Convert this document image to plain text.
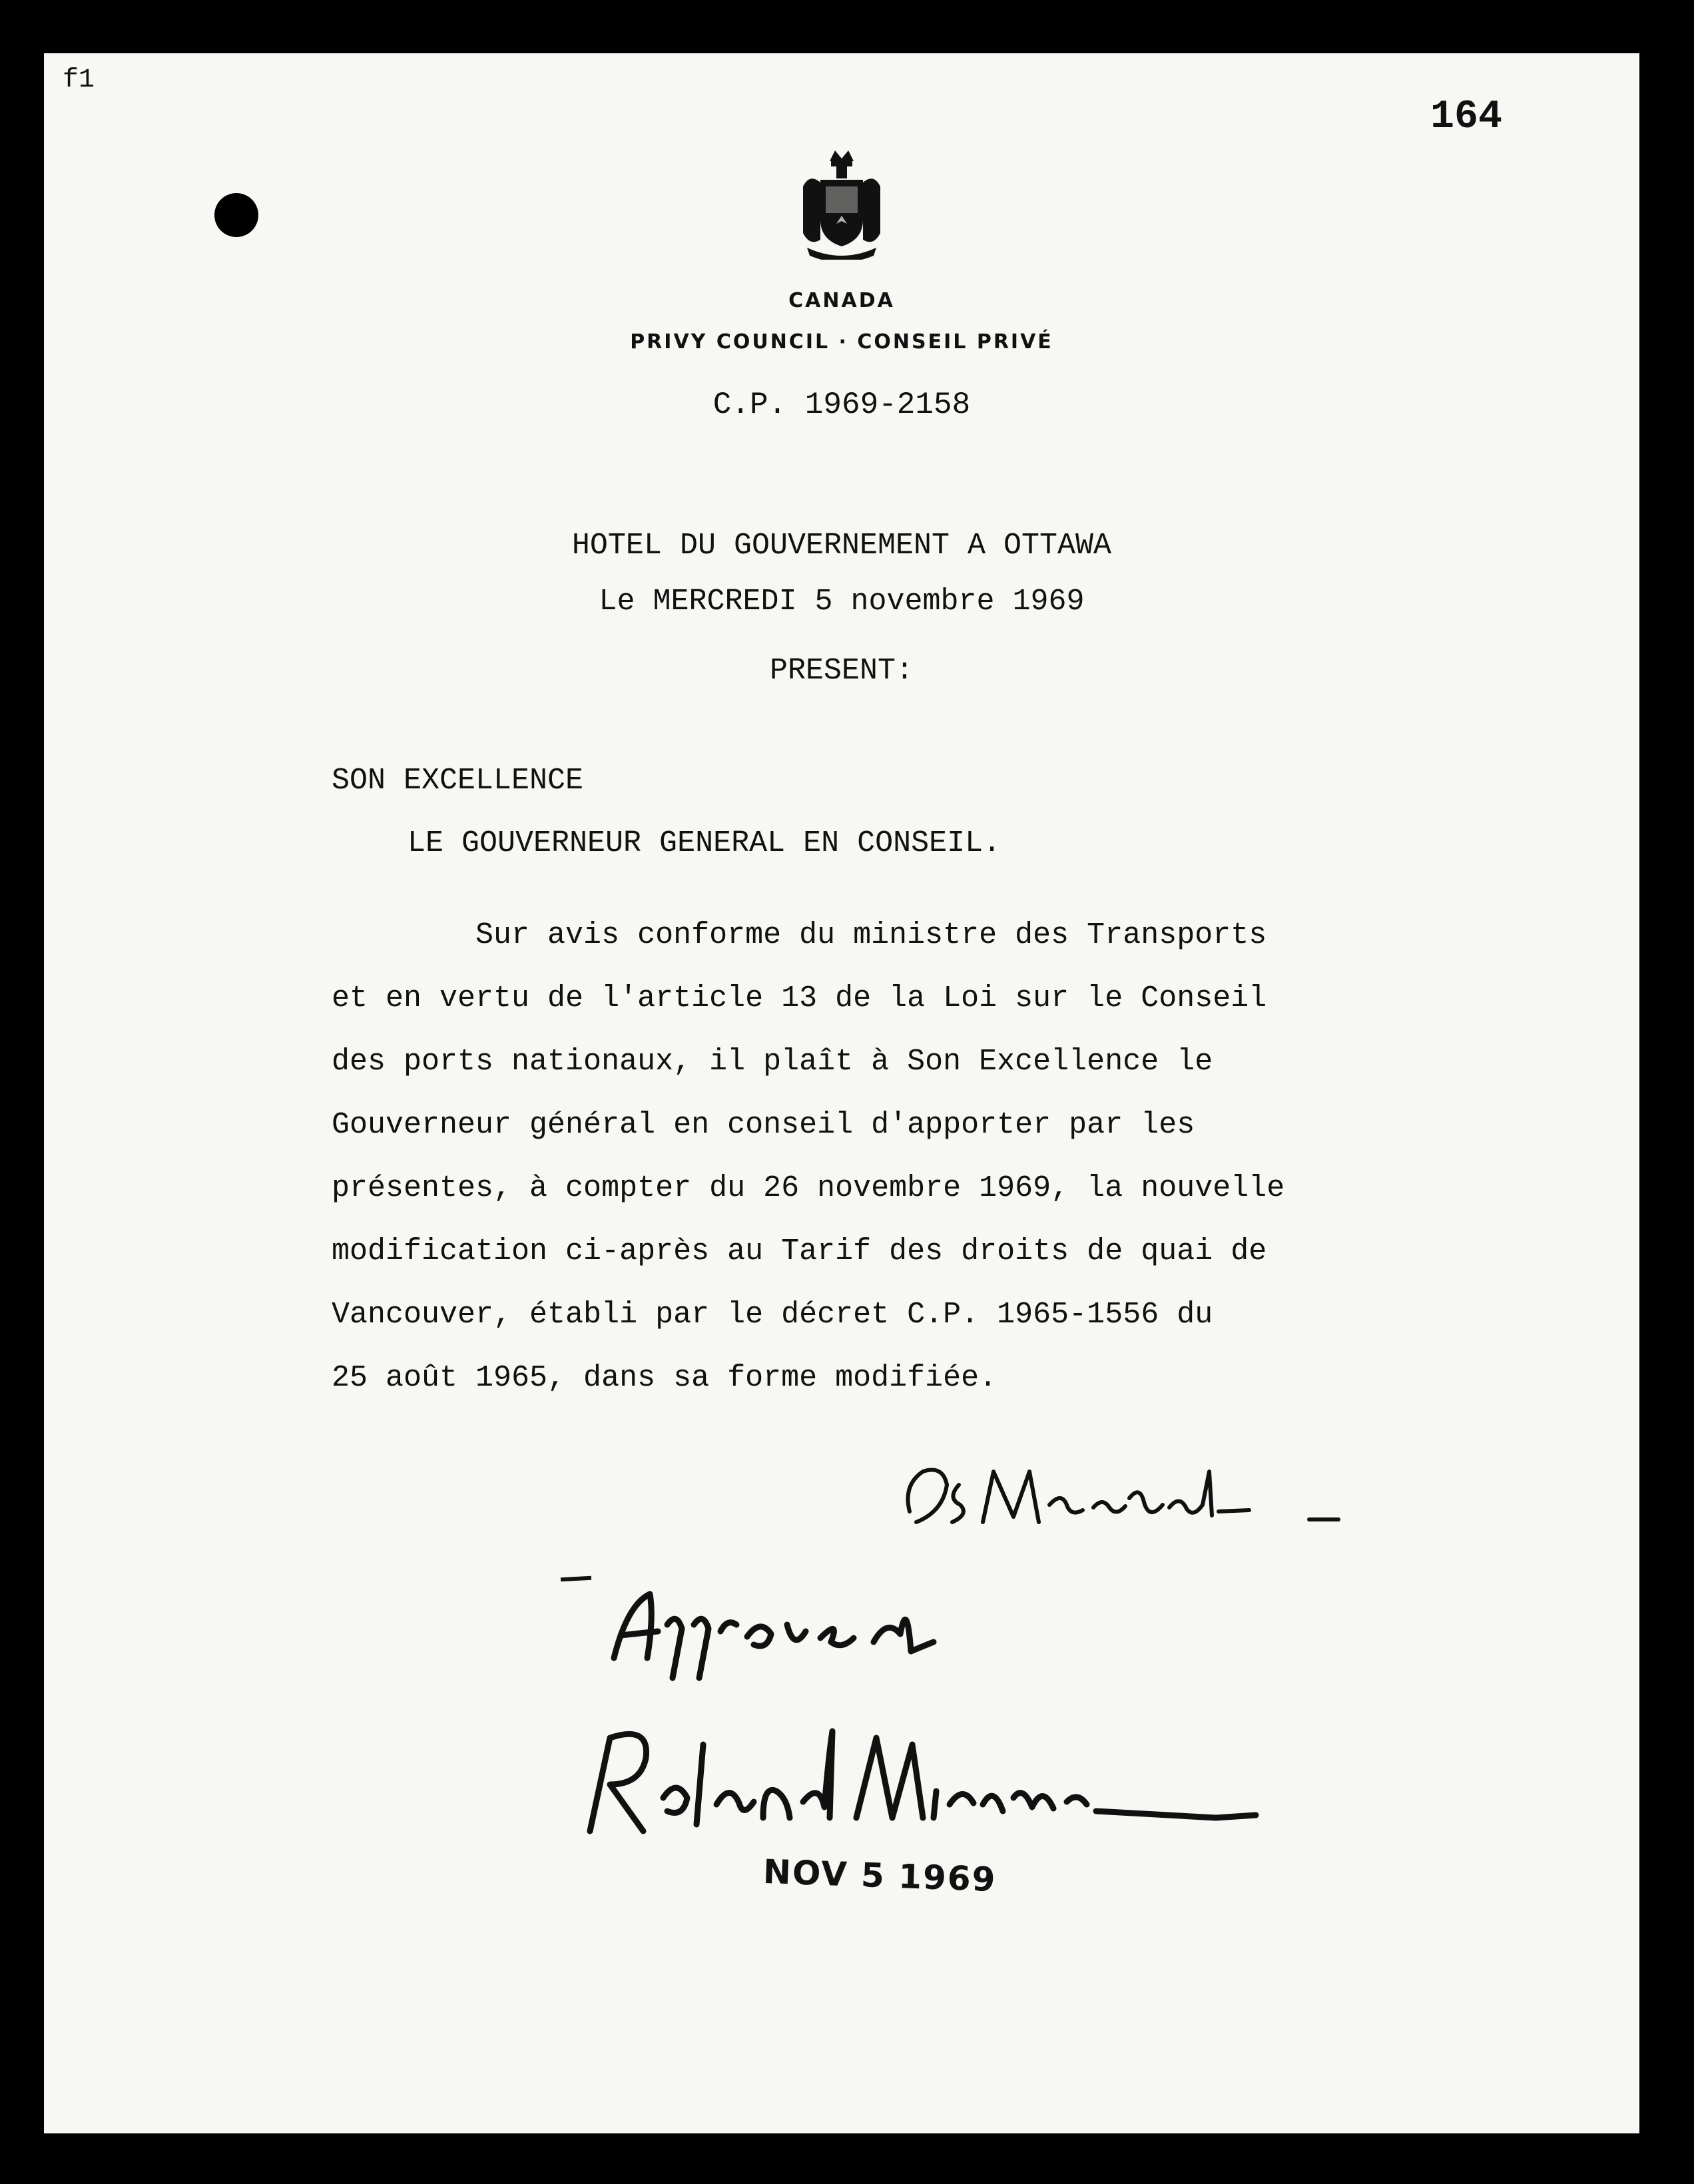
f1
164
CANADA
PRIVY COUNCIL · CONSEIL PRIVÉ
C.P. 1969-2158
HOTEL DU GOUVERNEMENT A OTTAWA
Le MERCREDI 5 novembre 1969
PRESENT:
SON EXCELLENCE
LE GOUVERNEUR GENERAL EN CONSEIL.
Sur avis conforme du ministre des Transports
et en vertu de l'article 13 de la Loi sur le Conseil
des ports nationaux, il plaît à Son Excellence le
Gouverneur général en conseil d'apporter par les
présentes, à compter du 26 novembre 1969, la nouvelle
modification ci-après au Tarif des droits de quai de
Vancouver, établi par le décret C.P. 1965-1556 du
25 août 1965, dans sa forme modifiée.
NOV 5 1969
